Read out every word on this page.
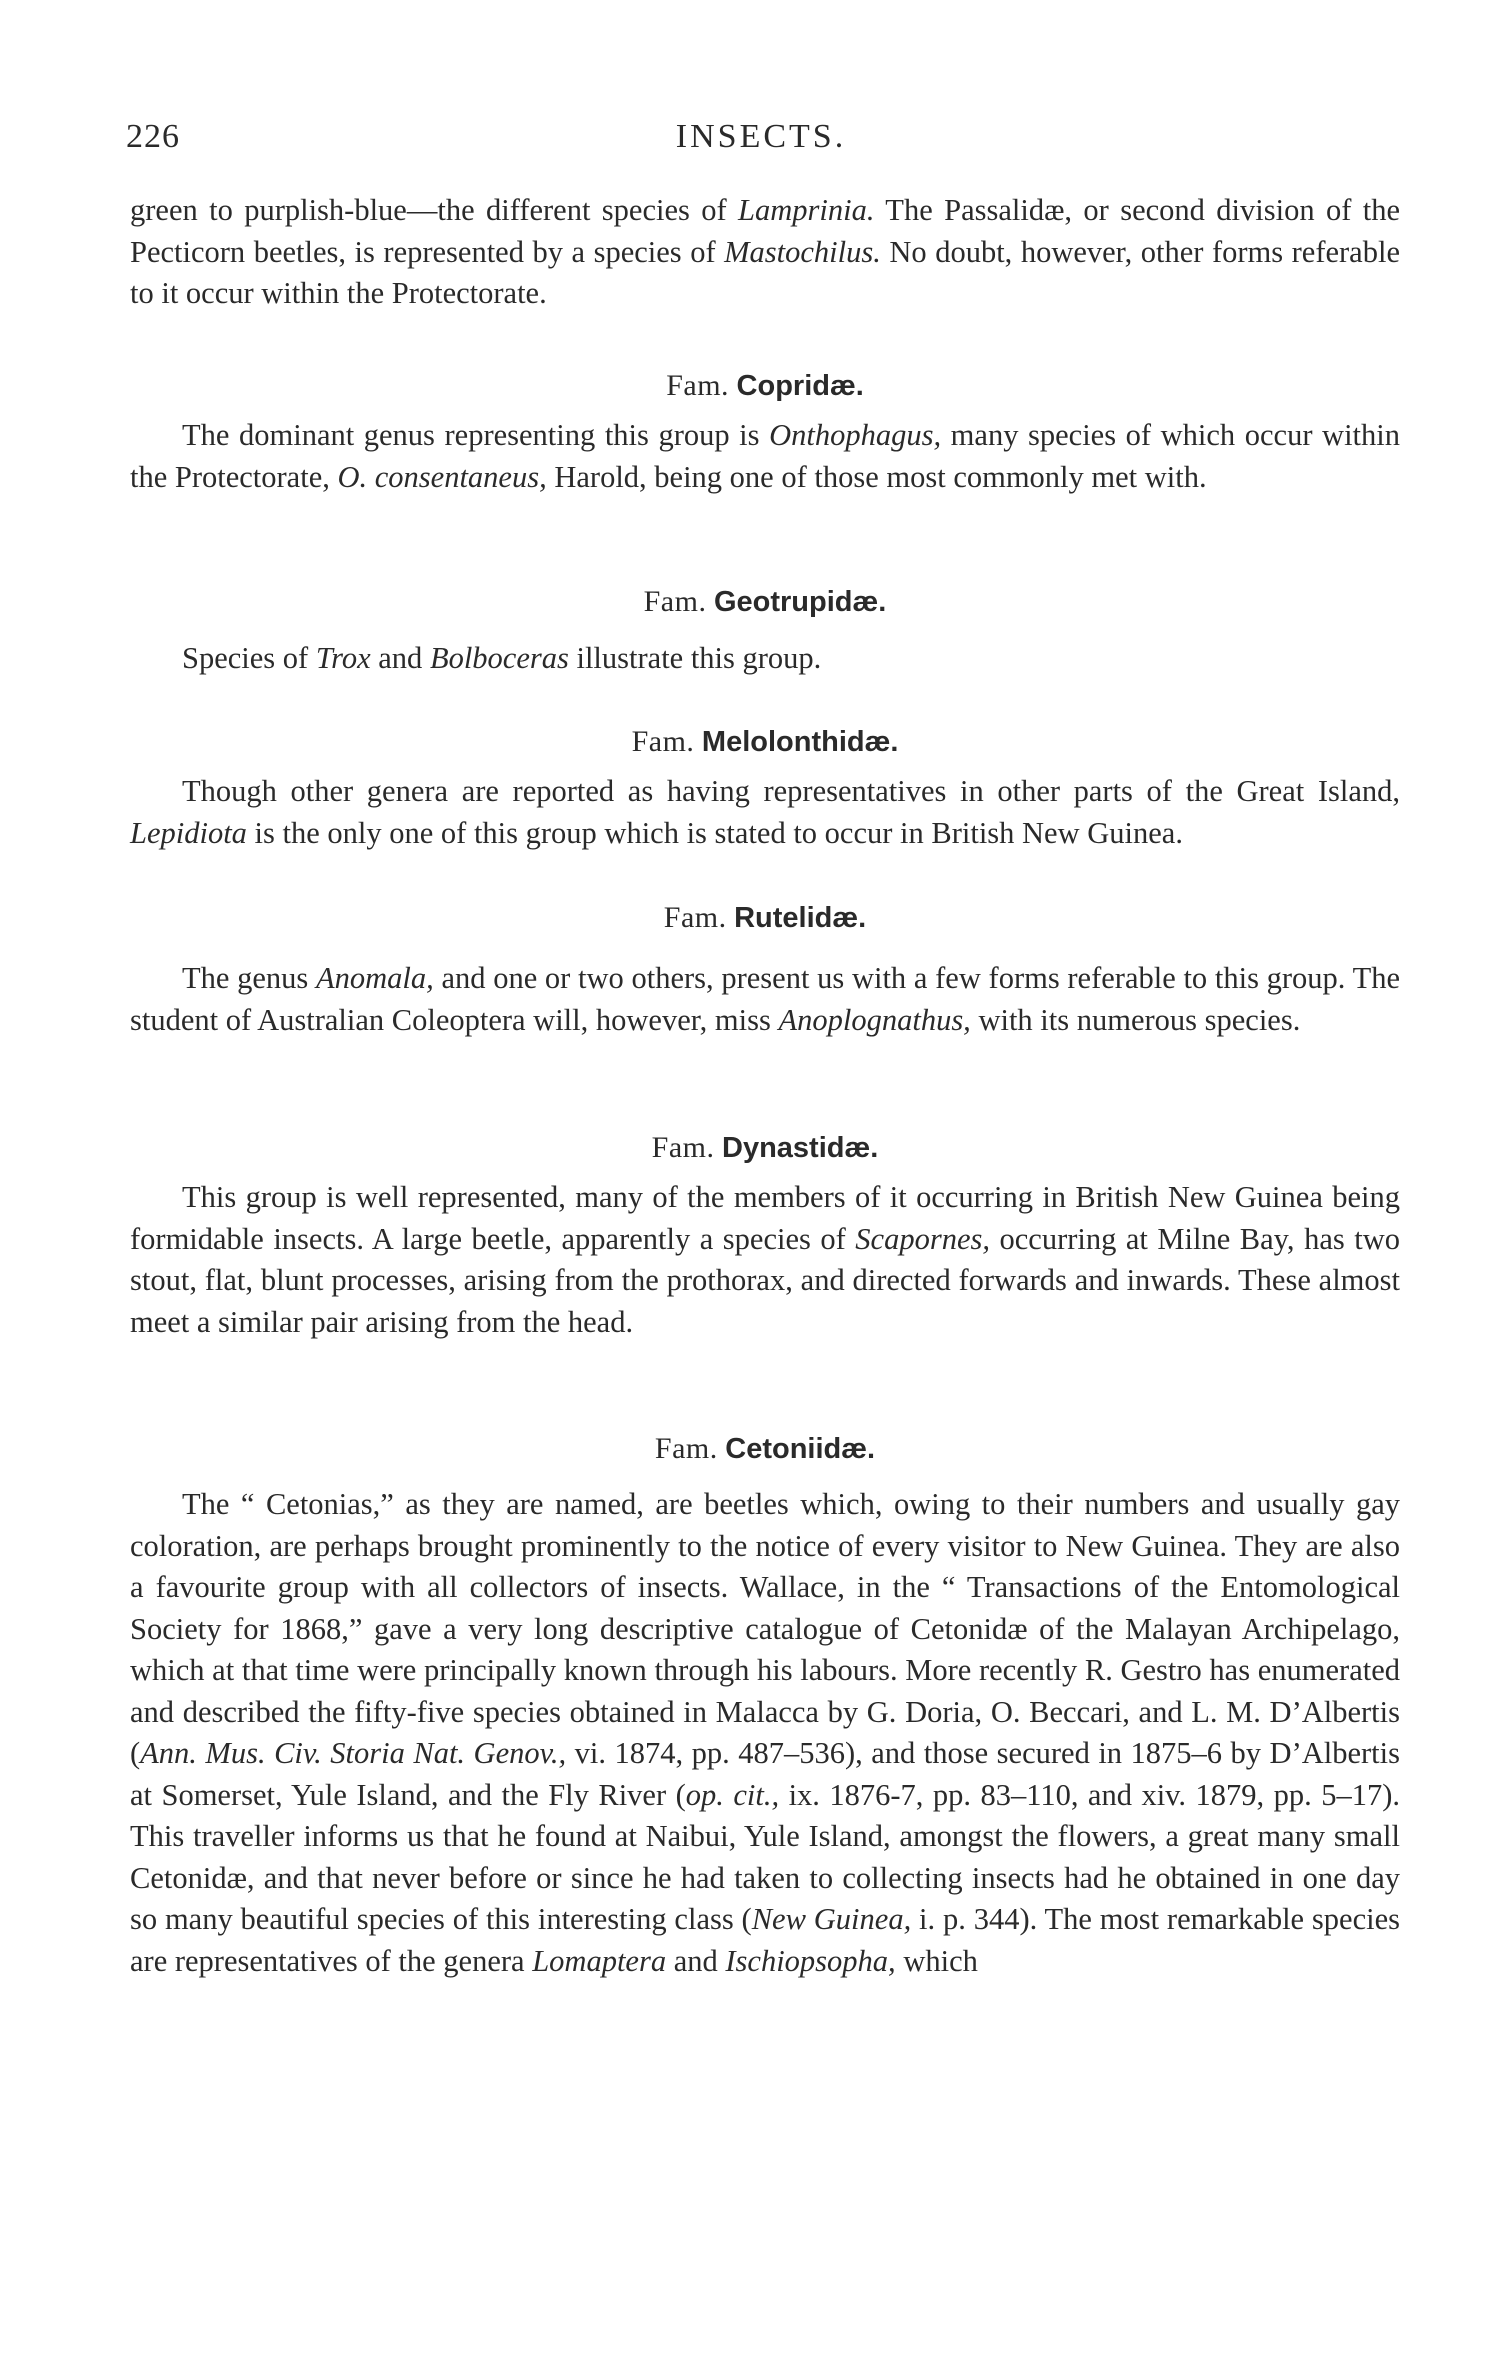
226	INSECTS.

green to purplish-blue—the different species of Lamprinia. The Passalidæ, or second division of the Pecticorn beetles, is represented by a species of Mastochilus. No doubt, however, other forms referable to it occur within the Protectorate.

Fam. Copridæ.

The dominant genus representing this group is Onthophagus, many species of which occur within the Protectorate, O. consentaneus, Harold, being one of those most commonly met with.

Fam. Geotrupidæ.

Species of Trox and Bolboceras illustrate this group.

Fam. Melolonthidæ.

Though other genera are reported as having representatives in other parts of the Great Island, Lepidiota is the only one of this group which is stated to occur in British New Guinea.

Fam. Rutelidæ.

The genus Anomala, and one or two others, present us with a few forms referable to this group. The student of Australian Coleoptera will, however, miss Anoplognathus, with its numerous species.

Fam. Dynastidæ.

This group is well represented, many of the members of it occurring in British New Guinea being formidable insects. A large beetle, apparently a species of Scapornes, occurring at Milne Bay, has two stout, flat, blunt processes, arising from the prothorax, and directed forwards and inwards. These almost meet a similar pair arising from the head.

Fam. Cetoniidæ.

The “ Cetonias,” as they are named, are beetles which, owing to their numbers and usually gay coloration, are perhaps brought prominently to the notice of every visitor to New Guinea. They are also a favourite group with all collectors of insects. Wallace, in the “ Transactions of the Entomological Society for 1868,” gave a very long descriptive catalogue of Cetonidæ of the Malayan Archipelago, which at that time were principally known through his labours. More recently R. Gestro has enumerated and described the fifty-five species obtained in Malacca by G. Doria, O. Beccari, and L. M. D’Albertis (Ann. Mus. Civ. Storia Nat. Genov., vi. 1874, pp. 487–536), and those secured in 1875–6 by D’Albertis at Somerset, Yule Island, and the Fly River (op. cit., ix. 1876-7, pp. 83–110, and xiv. 1879, pp. 5–17). This traveller informs us that he found at Naibui, Yule Island, amongst the flowers, a great many small Cetonidæ, and that never before or since he had taken to collecting insects had he obtained in one day so many beautiful species of this interesting class (New Guinea, i. p. 344). The most remarkable species are representatives of the genera Lomaptera and Ischiopsopha, which
